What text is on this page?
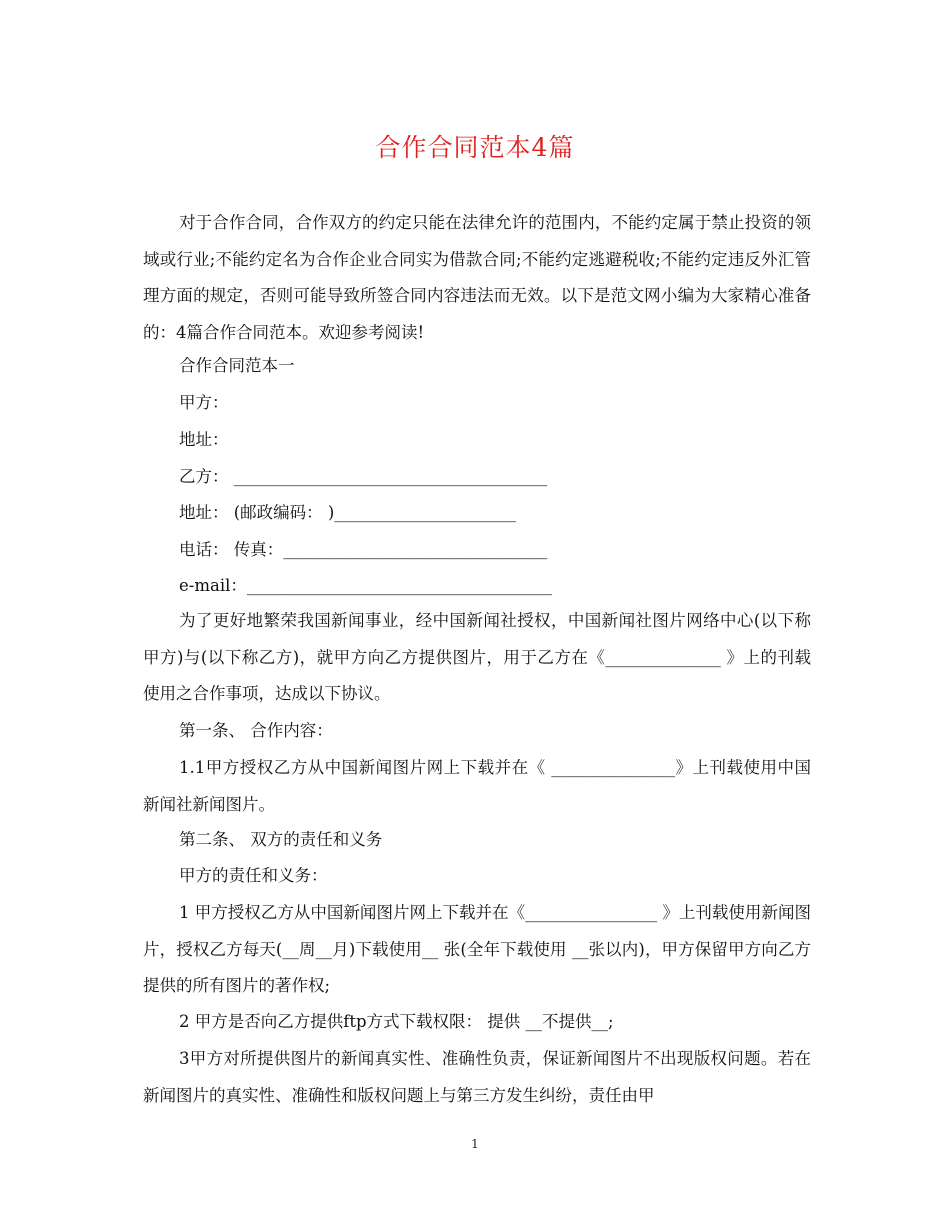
合作合同范本4篇

对于合作合同，合作双方的约定只能在法律允许的范围内，不能约定属于禁止投资的领域或行业;不能约定名为合作企业合同实为借款合同;不能约定逃避税收;不能约定违反外汇管理方面的规定，否则可能导致所签合同内容违法而无效。以下是范文网小编为大家精心准备的：4篇合作合同范本。欢迎参考阅读!

合作合同范本一

甲方：

地址：

乙方： ______________________________________

地址： (邮政编码： )______________________

电话： 传真：________________________________

e-mail：_____________________________________

为了更好地繁荣我国新闻事业，经中国新闻社授权，中国新闻社图片网络中心(以下称甲方)与(以下称乙方)，就甲方向乙方提供图片，用于乙方在《______________ 》上的刊载使用之合作事项，达成以下协议。

第一条、 合作内容：

1.1甲方授权乙方从中国新闻图片网上下载并在《 _______________》上刊载使用中国新闻社新闻图片。

第二条、 双方的责任和义务

甲方的责任和义务：

1 甲方授权乙方从中国新闻图片网上下载并在《________________ 》上刊载使用新闻图片，授权乙方每天(__周__月)下载使用__ 张(全年下载使用 __张以内)，甲方保留甲方向乙方提供的所有图片的著作权;

2 甲方是否向乙方提供ftp方式下载权限： 提供 __不提供__;

3甲方对所提供图片的新闻真实性、准确性负责，保证新闻图片不出现版权问题。若在新闻图片的真实性、准确性和版权问题上与第三方发生纠纷，责任由甲

1
